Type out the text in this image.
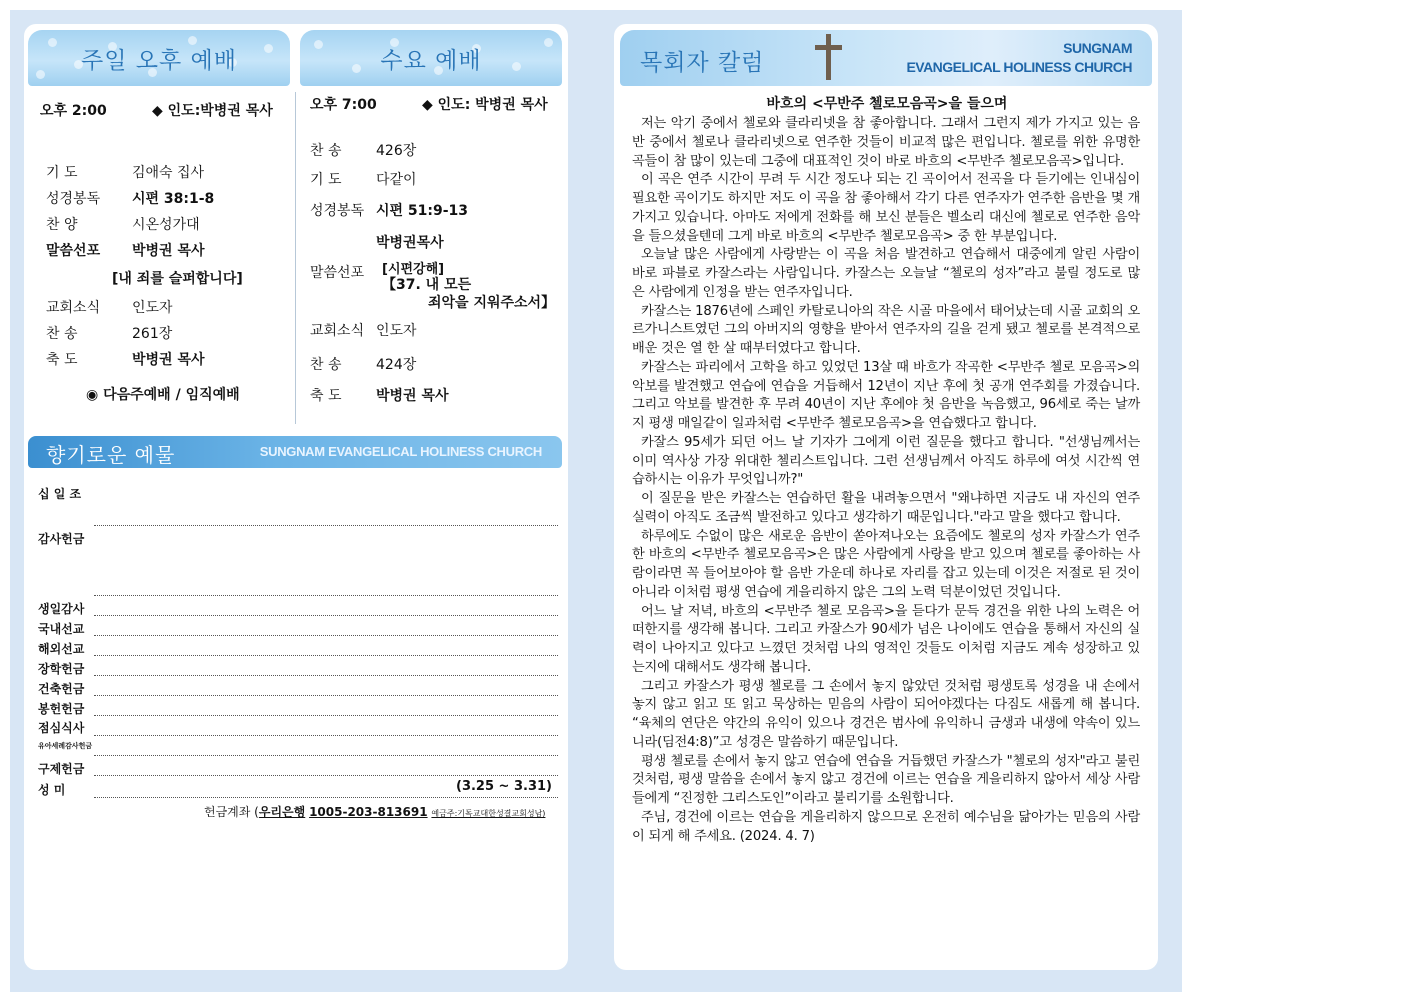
주일 오후 예배	수요 예배
오후 2:00	◆ 인도:박병권 목사
기 도	김애숙 집사
성경봉독 시편 38:1-8
찬 양	시온성가대
말씀선포 박병권 목사
[내 죄를 슬퍼합니다]
교회소식 인도자
찬 송	261장
축 도	박병권 목사
◉ 다음주예배 / 임직예배
오후 7:00	◆ 인도: 박병권 목사
찬 송 426장
기 도 다같이
성경봉독 시편 51:9-13
박병권목사
말씀선포 [시편강해]
【37. 내 모든
죄악을 지워주소서】
교회소식 인도자
찬 송 424장
축 도 박병권 목사
향기로운 예물	SUNGNAM EVANGELICAL HOLINESS CHURCH
십 일 조
감사헌금
생일감사
국내선교
해외선교
장학헌금
건축헌금
봉헌헌금
점심식사
유아세례감사헌금
구제헌금
성 미	(3.25 ~ 3.31)
헌금계좌 (우리은행 1005-203-813691 예금주:기독교대한성결교회성남)
목회자 칼럼
SUNGNAM
EVANGELICAL HOLINESS CHURCH
바흐의 <무반주 첼로모음곡>을 들으며

저는 악기 중에서 첼로와 클라리넷을 참 좋아합니다. 그래서 그런지 제가 가지고 있는 음반 중에서 첼로나 클라리넷으로 연주한 것들이 비교적 많은 편입니다. 첼로를 위한 유명한 곡들이 참 많이 있는데 그중에 대표적인 것이 바로 바흐의 <무반주 첼로모음곡>입니다.

이 곡은 연주 시간이 무려 두 시간 정도나 되는 긴 곡이어서 전곡을 다 듣기에는 인내심이 필요한 곡이기도 하지만 저도 이 곡을 참 좋아해서 각기 다른 연주자가 연주한 음반을 몇 개 가지고 있습니다. 아마도 저에게 전화를 해 보신 분들은 벨소리 대신에 첼로로 연주한 음악을 들으셨을텐데 그게 바로 바흐의 <무반주 첼로모음곡> 중 한 부분입니다.

오늘날 많은 사람에게 사랑받는 이 곡을 처음 발견하고 연습해서 대중에게 알린 사람이 바로 파블로 카잘스라는 사람입니다. 카잘스는 오늘날 “첼로의 성자”라고 불릴 정도로 많은 사람에게 인정을 받는 연주자입니다.

카잘스는 1876년에 스페인 카탈로니아의 작은 시골 마을에서 태어났는데 시골 교회의 오르가니스트였던 그의 아버지의 영향을 받아서 연주자의 길을 걷게 됐고 첼로를 본격적으로 배운 것은 열 한 살 때부터였다고 합니다.

카잘스는 파리에서 고학을 하고 있었던 13살 때 바흐가 작곡한 <무반주 첼로 모음곡>의 악보를 발견했고 연습에 연습을 거듭해서 12년이 지난 후에 첫 공개 연주회를 가졌습니다. 그리고 악보를 발견한 후 무려 40년이 지난 후에야 첫 음반을 녹음했고, 96세로 죽는 날까지 평생 매일같이 일과처럼 <무반주 첼로모음곡>을 연습했다고 합니다.

카잘스 95세가 되던 어느 날 기자가 그에게 이런 질문을 했다고 합니다. "선생님께서는 이미 역사상 가장 위대한 첼리스트입니다. 그런 선생님께서 아직도 하루에 여섯 시간씩 연습하시는 이유가 무엇입니까?"

이 질문을 받은 카잘스는 연습하던 활을 내려놓으면서 "왜냐하면 지금도 내 자신의 연주 실력이 아직도 조금씩 발전하고 있다고 생각하기 때문입니다."라고 말을 했다고 합니다.

하루에도 수없이 많은 새로운 음반이 쏟아져나오는 요즘에도 첼로의 성자 카잘스가 연주한 바흐의 <무반주 첼로모음곡>은 많은 사람에게 사랑을 받고 있으며 첼로를 좋아하는 사람이라면 꼭 들어보아야 할 음반 가운데 하나로 자리를 잡고 있는데 이것은 저절로 된 것이 아니라 이처럼 평생 연습에 게을리하지 않은 그의 노력 덕분이었던 것입니다.

어느 날 저녁, 바흐의 <무반주 첼로 모음곡>을 듣다가 문득 경건을 위한 나의 노력은 어떠한지를 생각해 봅니다. 그리고 카잘스가 90세가 넘은 나이에도 연습을 통해서 자신의 실력이 나아지고 있다고 느꼈던 것처럼 나의 영적인 것들도 이처럼 지금도 계속 성장하고 있는지에 대해서도 생각해 봅니다.

그리고 카잘스가 평생 첼로를 그 손에서 놓지 않았던 것처럼 평생토록 성경을 내 손에서 놓지 않고 읽고 또 읽고 묵상하는 믿음의 사람이 되어야겠다는 다짐도 새롭게 해 봅니다. “육체의 연단은 약간의 유익이 있으나 경건은 범사에 유익하니 금생과 내생에 약속이 있느니라(딤전4:8)”고 성경은 말씀하기 때문입니다.

평생 첼로를 손에서 놓지 않고 연습에 연습을 거듭했던 카잘스가 "첼로의 성자"라고 불린 것처럼, 평생 말씀을 손에서 놓지 않고 경건에 이르는 연습을 게을리하지 않아서 세상 사람들에게 “진정한 그리스도인”이라고 불리기를 소원합니다.

주님, 경건에 이르는 연습을 게을리하지 않으므로 온전히 예수님을 닮아가는 믿음의 사람이 되게 해 주세요. (2024. 4. 7)
